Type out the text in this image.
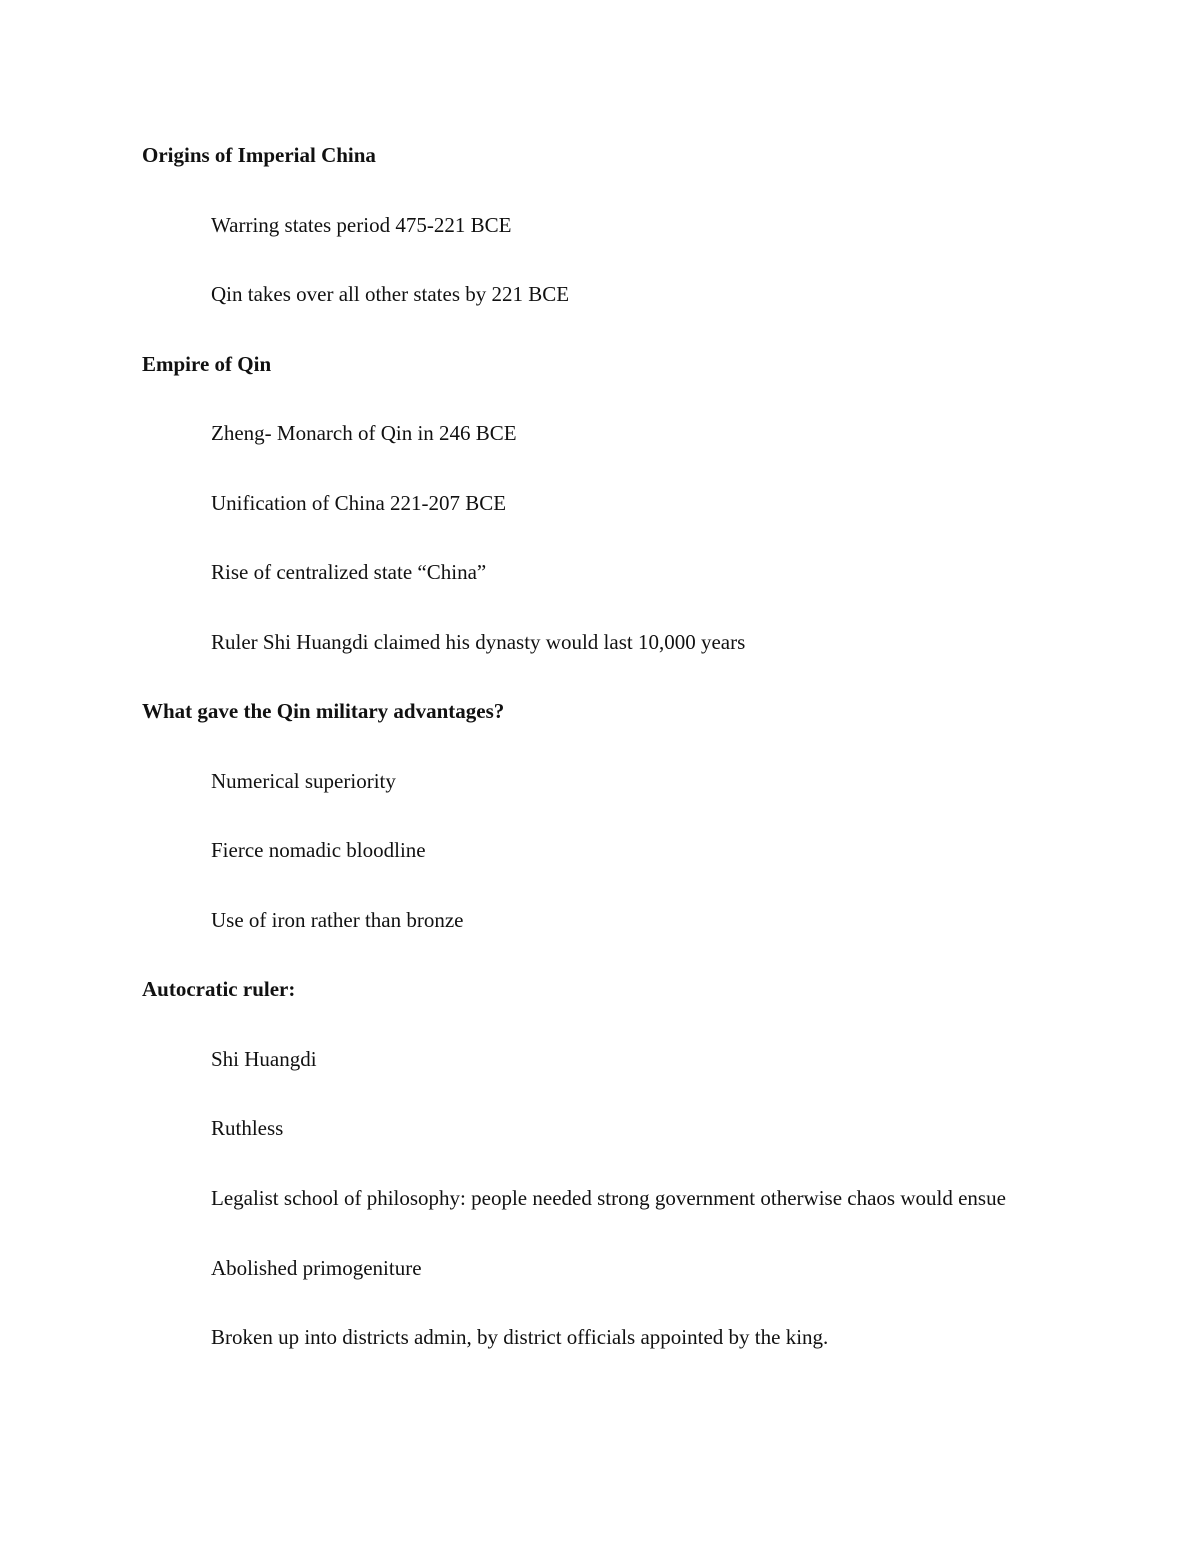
Origins of Imperial China

Warring states period 475-221 BCE

Qin takes over all other states by 221 BCE

Empire of Qin

Zheng- Monarch of Qin in 246 BCE

Unification of China 221-207 BCE

Rise of centralized state “China”

Ruler Shi Huangdi claimed his dynasty would last 10,000 years

What gave the Qin military advantages?

Numerical superiority

Fierce nomadic bloodline

Use of iron rather than bronze

Autocratic ruler:

Shi Huangdi

Ruthless

Legalist school of philosophy: people needed strong government otherwise chaos would ensue

Abolished primogeniture

Broken up into districts admin, by district officials appointed by the king.
